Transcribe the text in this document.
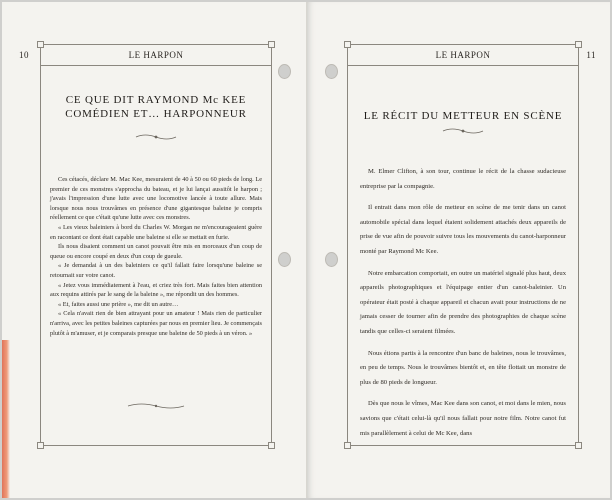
10	LE HARPON
CE QUE DIT RAYMOND Mc KEE
COMÉDIEN ET… HARPONNEUR

Ces cétacés, déclare M. Mac Kee, mesuraient de 40 à 50 ou 60 pieds de long. Le premier de ces monstres s'approcha du bateau, et je lui lançai aussitôt le harpon ; j'avais l'impression d'une lutte avec une locomotive lancée à toute allure. Mais lorsque nous nous trouvâmes en présence d'une gigantesque baleine je compris réellement ce que c'était qu'une lutte avec ces monstres.

« Les vieux baleiniers à bord du Charles W. Morgan ne m'encourageaient guère en racontant ce dont était capable une baleine si elle se mettait en furie.

Ils nous disaient comment un canot pouvait être mis en morceaux d'un coup de queue ou encore coupé en deux d'un coup de gueule.

« Je demandai à un des baleiniers ce qu'il fallait faire lorsqu'une baleine se retournait sur votre canot.

« Jetez vous immédiatement à l'eau, et criez très fort. Mais faites bien attention aux requins attirés par le sang de la baleine », me répondit un des hommes.

« Et, faites aussi une prière », me dit un autre…

« Cela n'avait rien de bien attrayant pour un amateur ! Mais rien de particulier n'arriva, avec les petites baleines capturées par nous en premier lieu. Je commençais plutôt à m'amuser, et je comparais presque une baleine de 50 pieds à un véron. »

LE HARPON	11
LE RÉCIT DU METTEUR EN SCÈNE

M. Elmer Clifton, à son tour, continue le récit de la chasse sudacieuse entreprise par la compagnie.

Il entrait dans mon rôle de metteur en scène de me tenir dans un canot automobile spécial dans lequel étaient solidement attachés deux appareils de prise de vue afin de pouvoir suivre tous les mouvements du canot-harponneur monté par Raymond Mc Kee.

Notre embarcation comportait, en outre un matériel signalé plus haut, deux appareils photographiques et l'équipage entier d'un canot-baleinier. Un opérateur était posté à chaque appareil et chacun avait pour instructions de ne jamais cesser de tourner afin de prendre des photographies de chaque scène tandis que celles-ci seraient filmées.

Nous étions partis à la rencontre d'un banc de baleines, nous le trouvâmes, en peu de temps. Nous le trouvâmes bientôt et, en tête flottait un monstre de plus de 80 pieds de longueur.

Dès que nous le vîmes, Mac Kee dans son canot, et moi dans le mien, nous savions que c'était celui-là qu'il nous fallait pour notre film. Notre canot fut mis parallèlement à celui de Mc Kee, dans
